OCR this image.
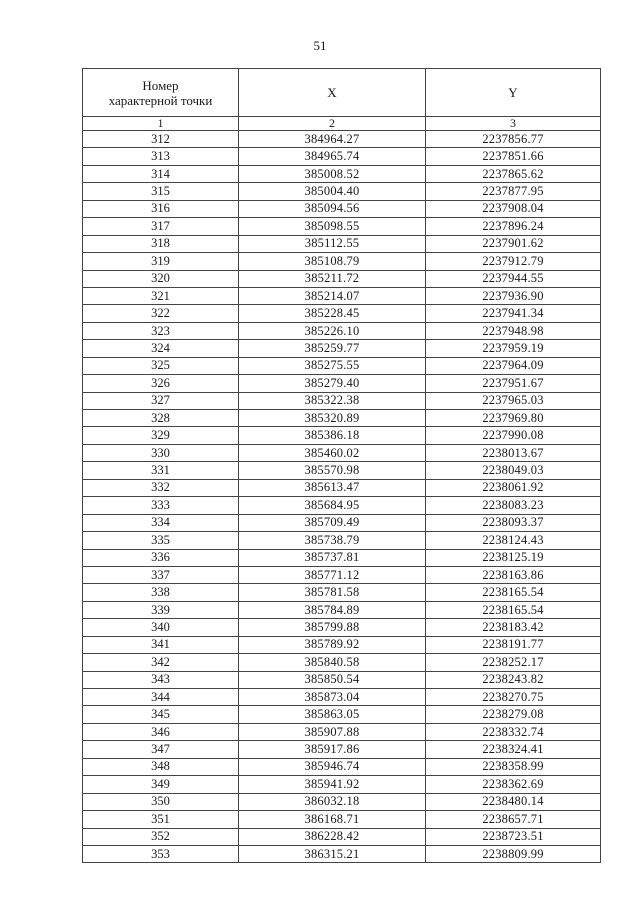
51
Номер
характерной точки	X	Y
1	2	3
312	384964.27	2237856.77
313	384965.74	2237851.66
314	385008.52	2237865.62
315	385004.40	2237877.95
316	385094.56	2237908.04
317	385098.55	2237896.24
318	385112.55	2237901.62
319	385108.79	2237912.79
320	385211.72	2237944.55
321	385214.07	2237936.90
322	385228.45	2237941.34
323	385226.10	2237948.98
324	385259.77	2237959.19
325	385275.55	2237964.09
326	385279.40	2237951.67
327	385322.38	2237965.03
328	385320.89	2237969.80
329	385386.18	2237990.08
330	385460.02	2238013.67
331	385570.98	2238049.03
332	385613.47	2238061.92
333	385684.95	2238083.23
334	385709.49	2238093.37
335	385738.79	2238124.43
336	385737.81	2238125.19
337	385771.12	2238163.86
338	385781.58	2238165.54
339	385784.89	2238165.54
340	385799.88	2238183.42
341	385789.92	2238191.77
342	385840.58	2238252.17
343	385850.54	2238243.82
344	385873.04	2238270.75
345	385863.05	2238279.08
346	385907.88	2238332.74
347	385917.86	2238324.41
348	385946.74	2238358.99
349	385941.92	2238362.69
350	386032.18	2238480.14
351	386168.71	2238657.71
352	386228.42	2238723.51
353	386315.21	2238809.99
